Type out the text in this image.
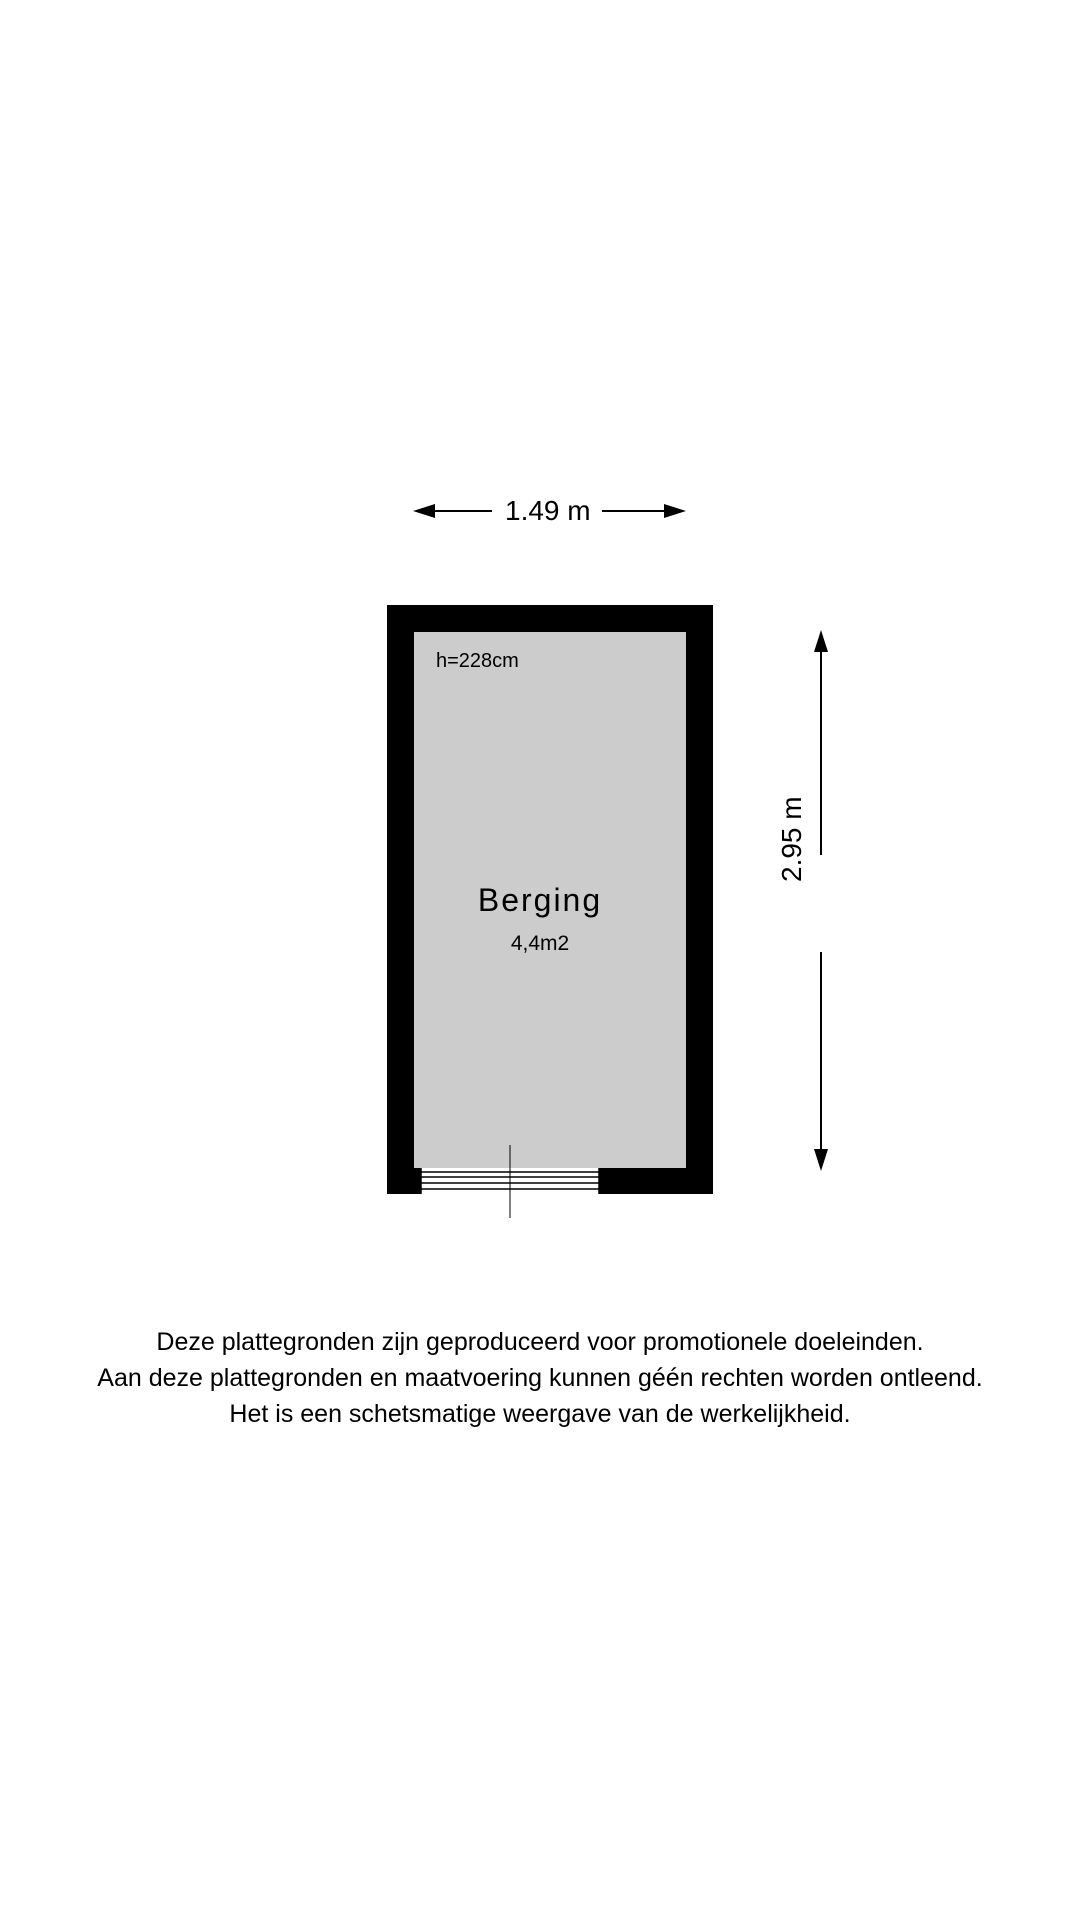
1.49 m
2.95 m
h=228cm
Berging
4,4m2
Deze plattegronden zijn geproduceerd voor promotionele doeleinden.
Aan deze plattegronden en maatvoering kunnen géén rechten worden ontleend.
Het is een schetsmatige weergave van de werkelijkheid.
